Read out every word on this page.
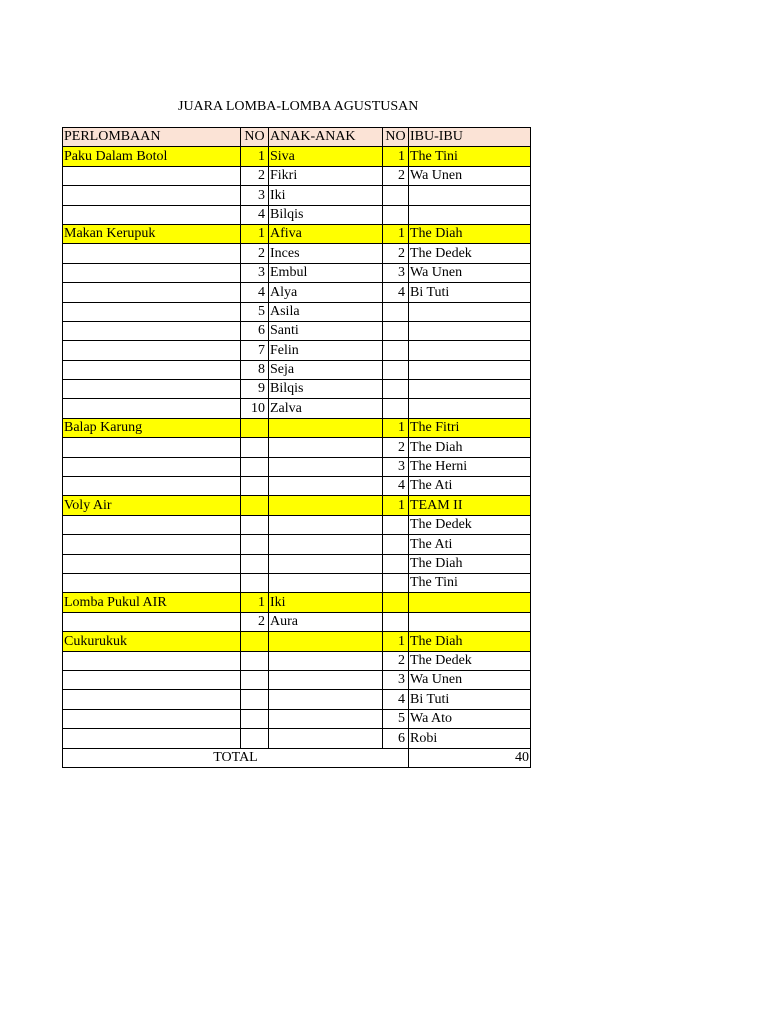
JUARA LOMBA-LOMBA AGUSTUSAN
PERLOMBAAN	NO	ANAK-ANAK	NO	IBU-IBU
Paku Dalam Botol	1	Siva	1	The Tini
	2	Fikri	2	Wa Unen
	3	Iki		
	4	Bilqis		
Makan Kerupuk	1	Afiva	1	The Diah
	2	Inces	2	The Dedek
	3	Embul	3	Wa Unen
	4	Alya	4	Bi Tuti
	5	Asila		
	6	Santi		
	7	Felin		
	8	Seja		
	9	Bilqis		
	10	Zalva		
Balap Karung			1	The Fitri
			2	The Diah
			3	The Herni
			4	The Ati
Voly Air			1	TEAM II
				The Dedek
				The Ati
				The Diah
				The Tini
Lomba Pukul AIR	1	Iki		
	2	Aura		
Cukurukuk			1	The Diah
			2	The Dedek
			3	Wa Unen
			4	Bi Tuti
			5	Wa Ato
			6	Robi
TOTAL				40
